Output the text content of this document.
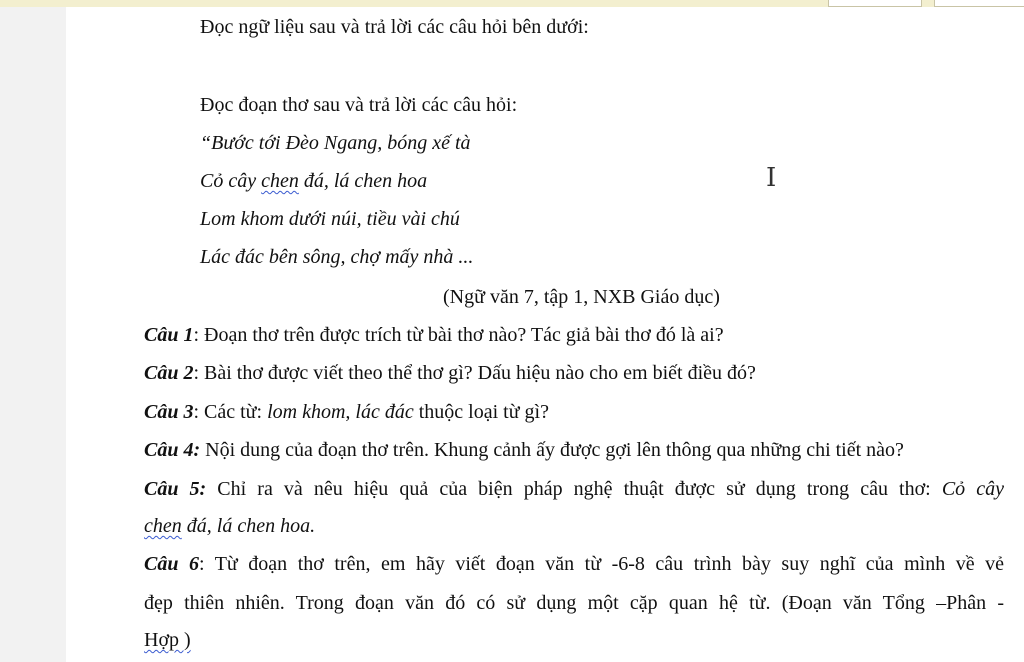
Đọc ngữ liệu sau và trả lời các câu hỏi bên dưới:
Đọc đoạn thơ sau và trả lời các câu hỏi:
“Bước tới Đèo Ngang, bóng xế tà
Cỏ cây chen đá, lá chen hoa
Lom khom dưới núi, tiều vài chú
Lác đác bên sông, chợ mấy nhà ...
(Ngữ văn 7, tập 1, NXB Giáo dục)
Câu 1: Đoạn thơ trên được trích từ bài thơ nào? Tác giả bài thơ đó là ai?
Câu 2: Bài thơ được viết theo thể thơ gì? Dấu hiệu nào cho em biết điều đó?
Câu 3: Các từ: lom khom, lác đác thuộc loại từ gì?
Câu 4: Nội dung của đoạn thơ trên. Khung cảnh ấy được gợi lên thông qua những chi tiết nào?
Câu 5: Chỉ ra và nêu hiệu quả của biện pháp nghệ thuật được sử dụng trong câu thơ: Cỏ cây
chen đá, lá chen hoa.
Câu 6: Từ đoạn thơ trên, em hãy viết đoạn văn từ -6-8 câu trình bày suy nghĩ của mình về vẻ
đẹp thiên nhiên. Trong đoạn văn đó có sử dụng một cặp quan hệ từ. (Đoạn văn Tổng –Phân -
Hợp )
I
